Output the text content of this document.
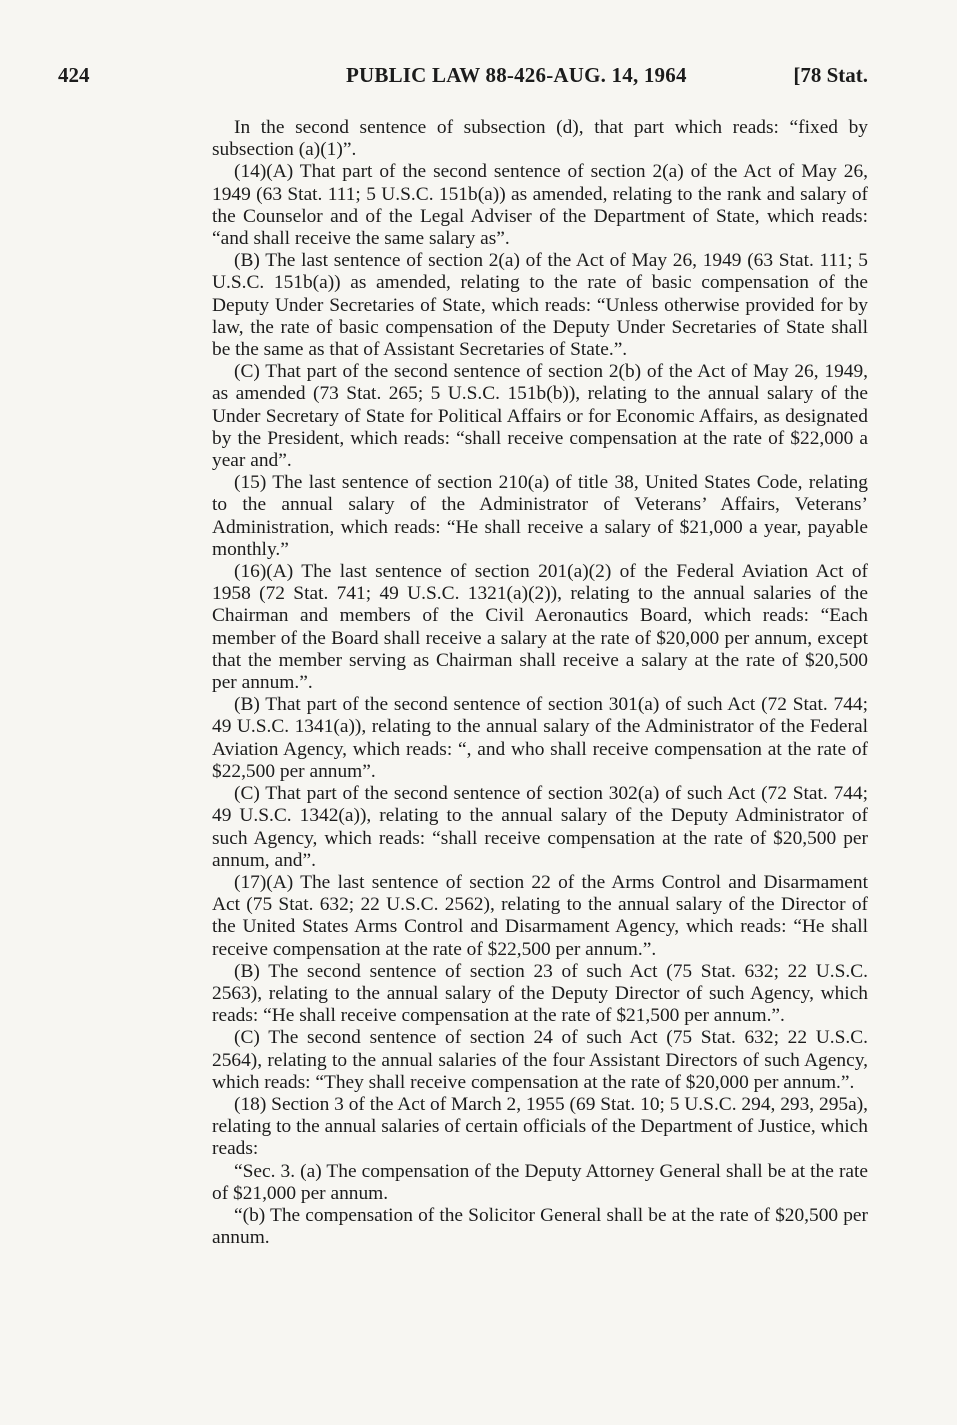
424	PUBLIC LAW 88-426-AUG. 14, 1964	[78 Stat.

In the second sentence of subsection (d), that part which reads: “fixed by subsection (a)(1)”.

(14)(A) That part of the second sentence of section 2(a) of the Act of May 26, 1949 (63 Stat. 111; 5 U.S.C. 151b(a)) as amended, relating to the rank and salary of the Counselor and of the Legal Adviser of the Department of State, which reads: “and shall receive the same salary as”.

(B) The last sentence of section 2(a) of the Act of May 26, 1949 (63 Stat. 111; 5 U.S.C. 151b(a)) as amended, relating to the rate of basic compensation of the Deputy Under Secretaries of State, which reads: “Unless otherwise provided for by law, the rate of basic compensation of the Deputy Under Secretaries of State shall be the same as that of Assistant Secretaries of State.”.

(C) That part of the second sentence of section 2(b) of the Act of May 26, 1949, as amended (73 Stat. 265; 5 U.S.C. 151b(b)), relating to the annual salary of the Under Secretary of State for Political Affairs or for Economic Affairs, as designated by the President, which reads: “shall receive compensation at the rate of $22,000 a year and”.

(15) The last sentence of section 210(a) of title 38, United States Code, relating to the annual salary of the Administrator of Veterans’ Affairs, Veterans’ Administration, which reads: “He shall receive a salary of $21,000 a year, payable monthly.”

(16)(A) The last sentence of section 201(a)(2) of the Federal Aviation Act of 1958 (72 Stat. 741; 49 U.S.C. 1321(a)(2)), relating to the annual salaries of the Chairman and members of the Civil Aeronautics Board, which reads: “Each member of the Board shall receive a salary at the rate of $20,000 per annum, except that the member serving as Chairman shall receive a salary at the rate of $20,500 per annum.”.

(B) That part of the second sentence of section 301(a) of such Act (72 Stat. 744; 49 U.S.C. 1341(a)), relating to the annual salary of the Administrator of the Federal Aviation Agency, which reads: “, and who shall receive compensation at the rate of $22,500 per annum”.

(C) That part of the second sentence of section 302(a) of such Act (72 Stat. 744; 49 U.S.C. 1342(a)), relating to the annual salary of the Deputy Administrator of such Agency, which reads: “shall receive compensation at the rate of $20,500 per annum, and”.

(17)(A) The last sentence of section 22 of the Arms Control and Disarmament Act (75 Stat. 632; 22 U.S.C. 2562), relating to the annual salary of the Director of the United States Arms Control and Disarmament Agency, which reads: “He shall receive compensation at the rate of $22,500 per annum.”.

(B) The second sentence of section 23 of such Act (75 Stat. 632; 22 U.S.C. 2563), relating to the annual salary of the Deputy Director of such Agency, which reads: “He shall receive compensation at the rate of $21,500 per annum.”.

(C) The second sentence of section 24 of such Act (75 Stat. 632; 22 U.S.C. 2564), relating to the annual salaries of the four Assistant Directors of such Agency, which reads: “They shall receive compensation at the rate of $20,000 per annum.”.

(18) Section 3 of the Act of March 2, 1955 (69 Stat. 10; 5 U.S.C. 294, 293, 295a), relating to the annual salaries of certain officials of the Department of Justice, which reads:

“Sec. 3. (a) The compensation of the Deputy Attorney General shall be at the rate of $21,000 per annum.

“(b) The compensation of the Solicitor General shall be at the rate of $20,500 per annum.
